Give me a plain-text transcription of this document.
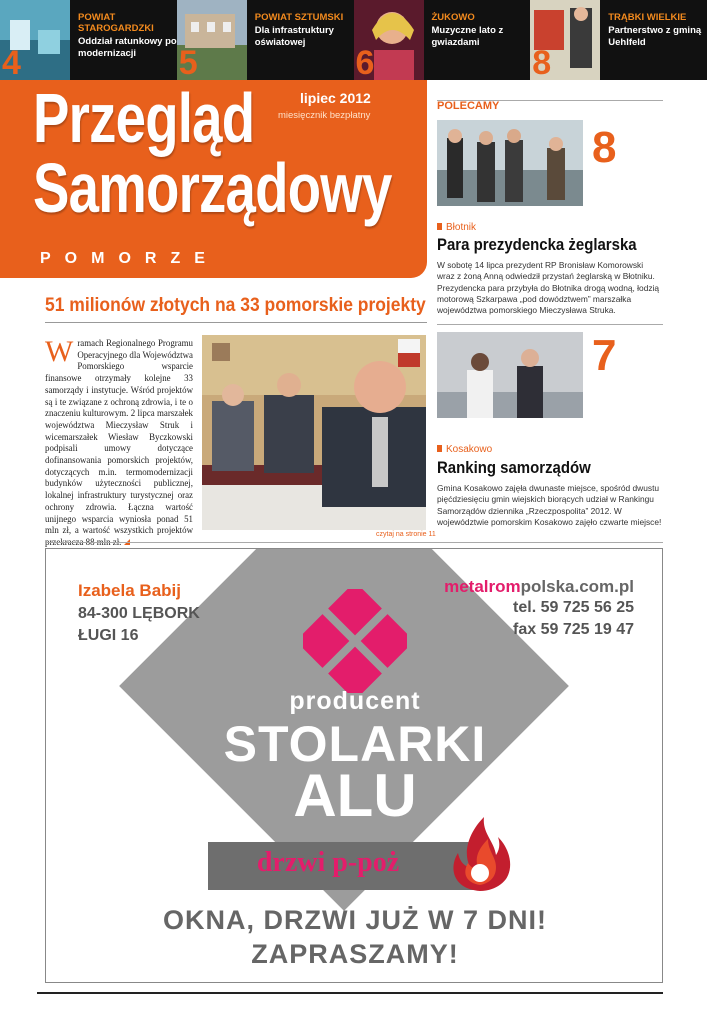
4
POWIAT STAROGARDZKI
Oddział ratunkowy po modernizacji	5
POWIAT SZTUMSKI
Dla infrastruktury oświatowej
6
ŻUKOWO
Muzyczne lato z gwiazdami
8
TRĄBKI WIELKIE
Partnerstwo z gminą Uehlfeld
Przegląd
Samorządowy
lipiec 2012
miesięcznik bezpłatny
POMORZE
POLECAMY
8
Błotnik
Para prezydencka żeglarska
W sobotę 14 lipca prezydent RP Bronisław Komorowski wraz z żoną Anną odwiedził przystań żeglarską w Błotniku. Prezydencka para przybyła do Błotnika drogą wodną, łodzią motorową Szkarpawa „pod dowództwem” marszałka województwa pomorskiego Mieczysława Struka.
7
Kosakowo
Ranking samorządów
Gmina Kosakowo zajęła dwunaste miejsce, spośród dwustu pięćdziesięciu gmin wiejskich biorących udział w Rankingu Samorządów dziennika „Rzeczpospolita” 2012. W województwie pomorskim Kosakowo zajęło czwarte miejsce!
51 milionów złotych na 33 pomorskie projekty
Wramach Regionalnego Programu Operacyjnego dla Województwa Pomorskiego wsparcie finansowe otrzymały kolejne 33 samorządy i instytucje. Wśród projektów są i te związane z ochroną zdrowia, i te o znaczeniu kulturowym. 2 lipca marszałek województwa Mieczysław Struk i wicemarszałek Wiesław Byczkowski podpisali umowy dotyczące dofinansowania pomorskich projektów, dotyczących m.in. termomodernizacji budynków użyteczności publicznej, lokalnej infrastruktury turystycznej oraz ochrony zdrowia. Łączna wartość unijnego wsparcia wyniosła ponad 51 mln zł, a wartość wszystkich projektów przekracza 88 mln zł.
czytaj na stronie 11
Izabela Babij
84-300 LĘBORK
ŁUGI 16
metalrompolska.com.pl
tel. 59 725 56 25
fax 59 725 19 47
producent
STOLARKI
ALU
drzwi p-poż
OKNA, DRZWI JUŻ W 7 DNI!
ZAPRASZAMY!
